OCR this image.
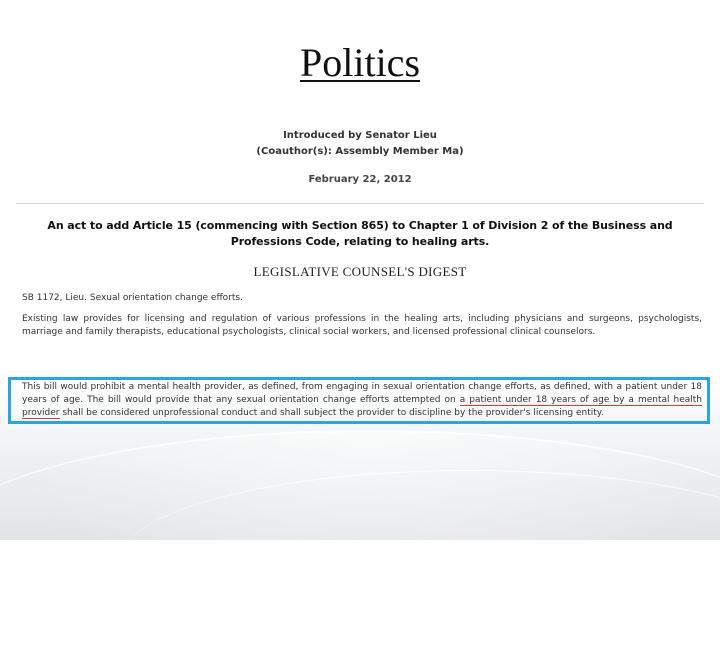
Politics
Introduced by Senator Lieu
(Coauthor(s): Assembly Member Ma)
February 22, 2012
An act to add Article 15 (commencing with Section 865) to Chapter 1 of Division 2 of the Business and Professions Code, relating to healing arts.
LEGISLATIVE COUNSEL'S DIGEST
SB 1172, Lieu. Sexual orientation change efforts.
Existing law provides for licensing and regulation of various professions in the healing arts, including physicians and surgeons, psychologists, marriage and family therapists, educational psychologists, clinical social workers, and licensed professional clinical counselors.
This bill would prohibit a mental health provider, as defined, from engaging in sexual orientation change efforts, as defined, with a patient under 18 years of age. The bill would provide that any sexual orientation change efforts attempted on a patient under 18 years of age by a mental health provider shall be considered unprofessional conduct and shall subject the provider to discipline by the provider's licensing entity.
